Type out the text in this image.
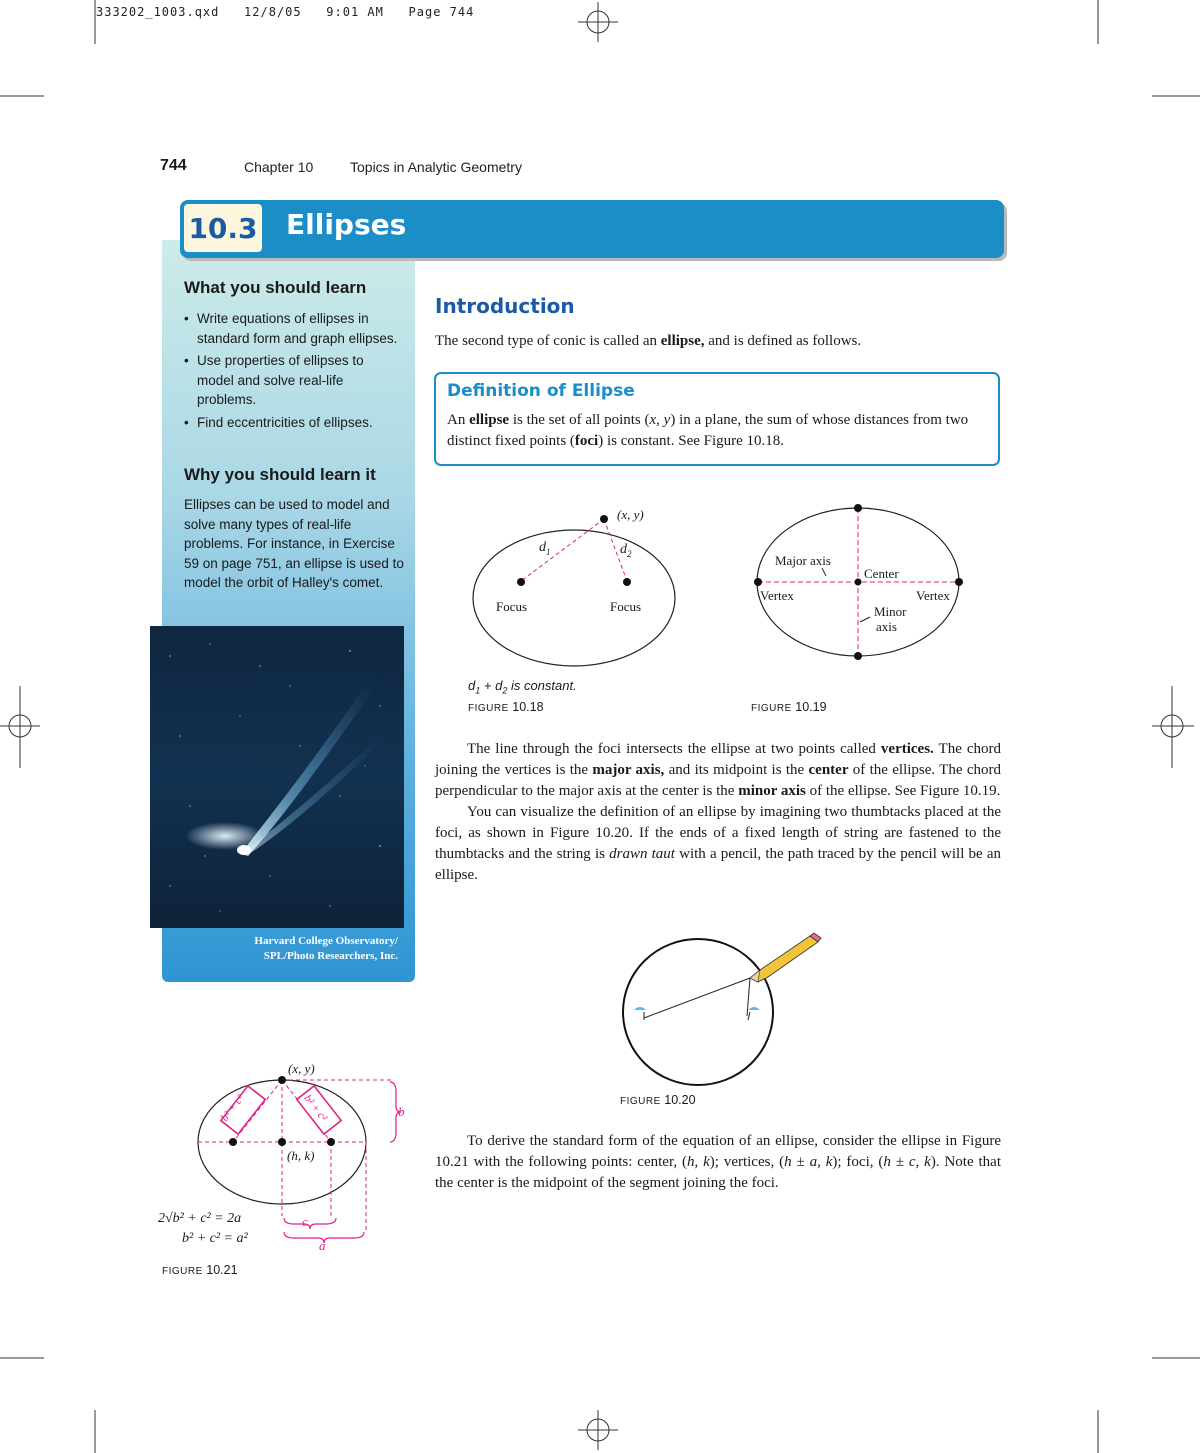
333202_1003.qxd   12/8/05   9:01 AM   Page 744
744	Chapter 10	Topics in Analytic Geometry
10.3 Ellipses
What you should learn
• Write equations of ellipses in standard form and graph ellipses.
• Use properties of ellipses to model and solve real-life problems.
• Find eccentricities of ellipses.
Why you should learn it
Ellipses can be used to model and solve many types of real-life problems. For instance, in Exercise 59 on page 751, an ellipse is used to model the orbit of Halley's comet.
Harvard College Observatory/
SPL/Photo Researchers, Inc.
Introduction
The second type of conic is called an ellipse, and is defined as follows.
Definition of Ellipse
An ellipse is the set of all points (x, y) in a plane, the sum of whose distances from two distinct fixed points (foci) is constant. See Figure 10.18.
(x, y)
$d_1$	$d_2$
Focus	Focus
$d_1 + d_2$ is constant.
FIGURE 10.18
Major axis
Center
Vertex	Vertex
Minor
axis
FIGURE 10.19

The line through the foci intersects the ellipse at two points called vertices. The chord joining the vertices is the major axis, and its midpoint is the center of the ellipse. The chord perpendicular to the major axis at the center is the minor axis of the ellipse. See Figure 10.19.

You can visualize the definition of an ellipse by imagining two thumbtacks placed at the foci, as shown in Figure 10.20. If the ends of a fixed length of string are fastened to the thumbtacks and the string is drawn taut with a pencil, the path traced by the pencil will be an ellipse.

FIGURE 10.20

To derive the standard form of the equation of an ellipse, consider the ellipse in Figure 10.21 with the following points: center, (h, k); vertices, (h ± a, k); foci, (h ± c, k). Note that the center is the midpoint of the segment joining the foci.

(x, y)
(h, k)
b² + c²	b² + c²	b
c
a
2√b² + c² = 2a
b² + c² = a²
FIGURE 10.21
